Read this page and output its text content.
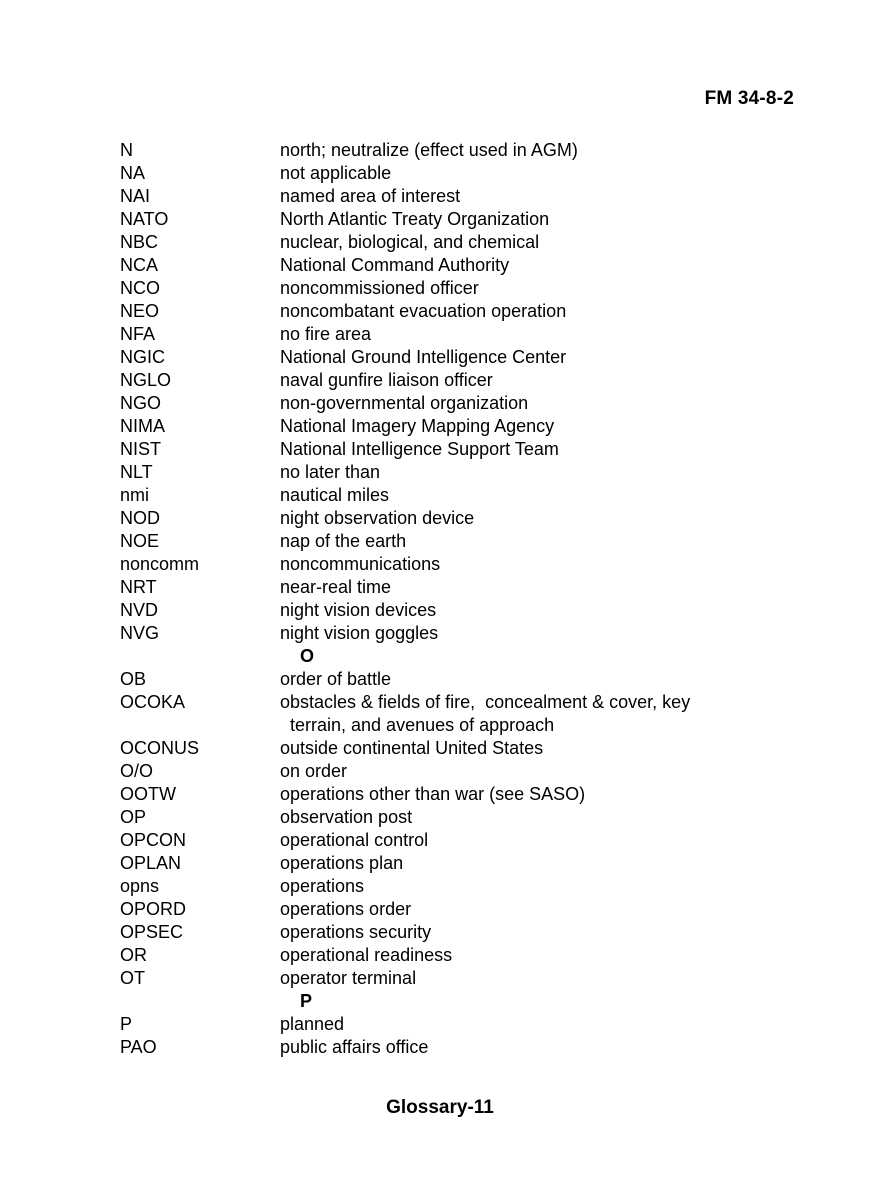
FM 34-8-2
N	north; neutralize (effect used in AGM)
NA	not applicable
NAI	named area of interest
NATO	North Atlantic Treaty Organization
NBC	nuclear, biological, and chemical
NCA	National Command Authority
NCO	noncommissioned officer
NEO	noncombatant evacuation operation
NFA	no fire area
NGIC	National Ground Intelligence Center
NGLO	naval gunfire liaison officer
NGO	non-governmental organization
NIMA	National Imagery Mapping Agency
NIST	National Intelligence Support Team
NLT	no later than
nmi	nautical miles
NOD	night observation device
NOE	nap of the earth
noncomm	noncommunications
NRT	near-real time
NVD	night vision devices
NVG	night vision goggles
O
OB	order of battle
OCOKA	obstacles & fields of fire,  concealment & cover, key
terrain, and avenues of approach
OCONUS	outside continental United States
O/O	on order
OOTW	operations other than war (see SASO)
OP	observation post
OPCON	operational control
OPLAN	operations plan
opns	operations
OPORD	operations order
OPSEC	operations security
OR	operational readiness
OT	operator terminal
P
P	planned
PAO	public affairs office
Glossary-11
